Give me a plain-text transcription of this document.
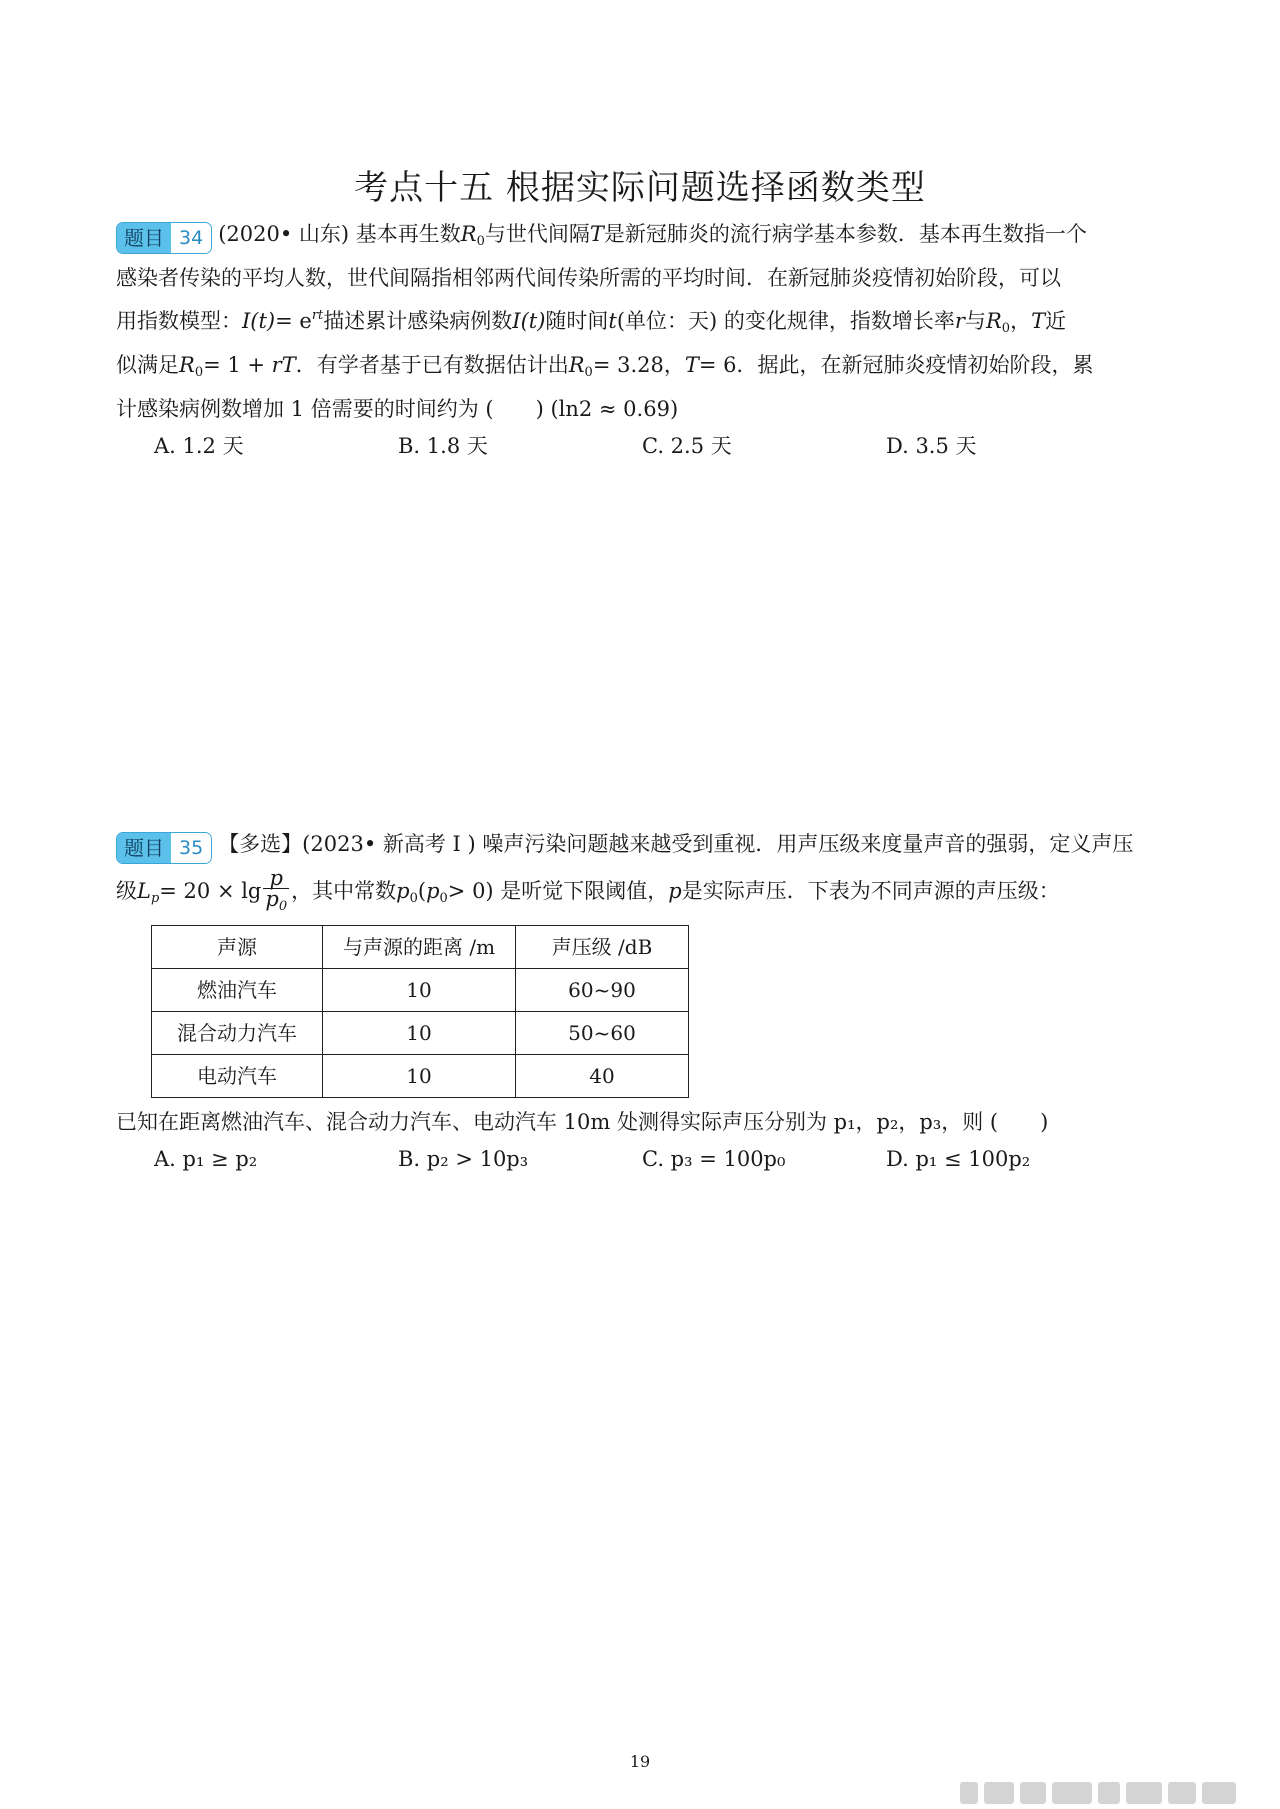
考点十五 根据实际问题选择函数类型
题目 34 (2020• 山东) 基本再生数$R_0$与世代间隔T是新冠肺炎的流行病学基本参数．基本再生数指一个
感染者传染的平均人数，世代间隔指相邻两代间传染所需的平均时间．在新冠肺炎疫情初始阶段，可以
用指数模型：$I(t)= e^{rt}$描述累计感染病例数I(t)随时间t(单位：天) 的变化规律，指数增长率r与$R_0$，T近
似满足$R_0= 1$ + rT．有学者基于已有数据估计出$R_0= 3.28$，T= 6．据此，在新冠肺炎疫情初始阶段，累
计感染病例数增加 1 倍需要的时间约为 (　　) (ln2 ≈ 0.69)
A. 1.2 天	B. 1.8 天	C. 2.5 天	D. 3.5 天
题目 35 【多选】(2023• 新高考 I ) 噪声污染问题越来越受到重视．用声压级来度量声音的强弱，定义声压
级$L_p= 20 \times \lg \frac{p}{p_0}$ ，其中常数$p_0(p_0> 0)$ 是听觉下限阈值，p是实际声压．下表为不同声源的声压级：
声源	与声源的距离 /m	声压级 /dB
燃油汽车	10	60~90
混合动力汽车	10	50~60
电动汽车	10	40
已知在距离燃油汽车、混合动力汽车、电动汽车 10m 处测得实际声压分别为 p₁，p₂，p₃，则 (　　)
A. p₁ ≥ p₂	B. p₂ > 10p₃	C. p₃ = 100p₀	D. p₁ ≤ 100p₂
19
